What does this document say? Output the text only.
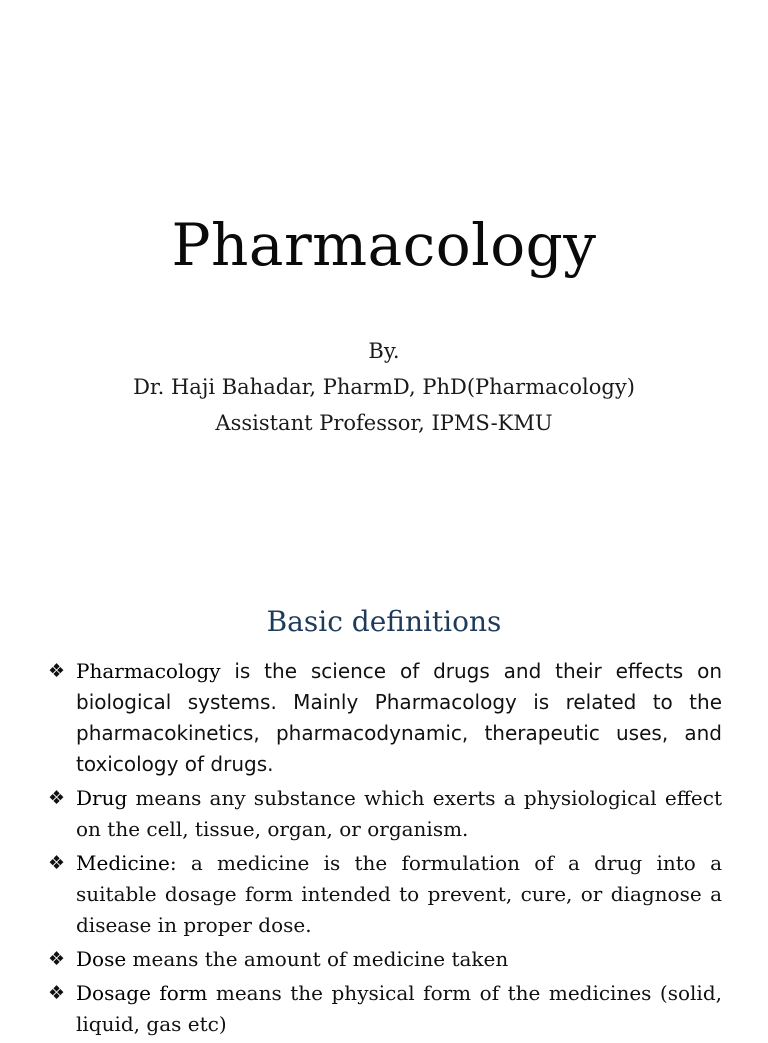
Pharmacology
By.
Dr. Haji Bahadar, PharmD, PhD(Pharmacology)
Assistant Professor, IPMS-KMU
Basic definitions
❖ Pharmacology is the science of drugs and their effects on biological systems. Mainly Pharmacology is related to the pharmacokinetics, pharmacodynamic, therapeutic uses, and toxicology of drugs.
❖ Drug means any substance which exerts a physiological effect on the cell, tissue, organ, or organism.
❖ Medicine: a medicine is the formulation of a drug into a suitable dosage form intended to prevent, cure, or diagnose a disease in proper dose.
❖ Dose means the amount of medicine taken
❖ Dosage form means the physical form of the medicines (solid, liquid, gas etc)
